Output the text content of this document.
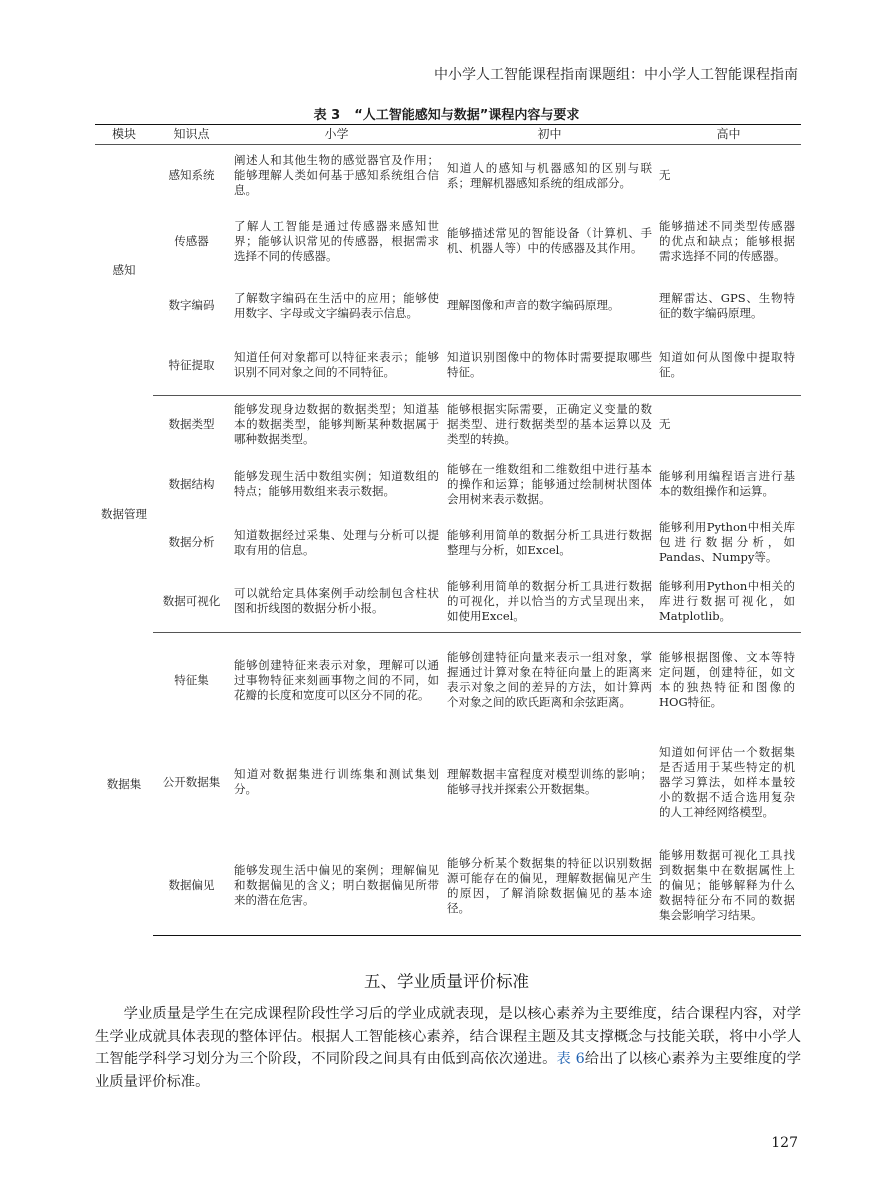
中小学人工智能课程指南课题组：中小学人工智能课程指南
表 3 “人工智能感知与数据”课程内容与要求
模块	知识点	小学	初中	高中
感知	感知系统	阐述人和其他生物的感觉器官及作用；能够理解人类如何基于感知系统组合信息。	知道人的感知与机器感知的区别与联系；理解机器感知系统的组成部分。	无
	传感器	了解人工智能是通过传感器来感知世界；能够认识常见的传感器，根据需求选择不同的传感器。	能够描述常见的智能设备（计算机、手机、机器人等）中的传感器及其作用。	能够描述不同类型传感器的优点和缺点；能够根据需求选择不同的传感器。
	数字编码	了解数字编码在生活中的应用；能够使用数字、字母或文字编码表示信息。	理解图像和声音的数字编码原理。	理解雷达、GPS、生物特征的数字编码原理。
	特征提取	知道任何对象都可以特征来表示；能够识别不同对象之间的不同特征。	知道识别图像中的物体时需要提取哪些特征。	知道如何从图像中提取特征。
数据管理	数据类型	能够发现身边数据的数据类型；知道基本的数据类型，能够判断某种数据属于哪种数据类型。	能够根据实际需要，正确定义变量的数据类型、进行数据类型的基本运算以及类型的转换。	无
	数据结构	能够发现生活中数组实例；知道数组的特点；能够用数组来表示数据。	能够在一维数组和二维数组中进行基本的操作和运算；能够通过绘制树状图体会用树来表示数据。	能够利用编程语言进行基本的数组操作和运算。
	数据分析	知道数据经过采集、处理与分析可以提取有用的信息。	能够利用简单的数据分析工具进行数据整理与分析，如Excel。	能够利用Python中相关库包进行数据分析，如Pandas、Numpy等。
	数据可视化	可以就给定具体案例手动绘制包含柱状图和折线图的数据分析小报。	能够利用简单的数据分析工具进行数据的可视化，并以恰当的方式呈现出来，如使用Excel。	能够利用Python中相关的库进行数据可视化，如Matplotlib。
数据集	特征集	能够创建特征来表示对象，理解可以通过事物特征来刻画事物之间的不同，如花瓣的长度和宽度可以区分不同的花。	能够创建特征向量来表示一组对象，掌握通过计算对象在特征向量上的距离来表示对象之间的差异的方法，如计算两个对象之间的欧氏距离和余弦距离。	能够根据图像、文本等特定问题，创建特征，如文本的独热特征和图像的HOG特征。
	公开数据集	知道对数据集进行训练集和测试集划分。	理解数据丰富程度对模型训练的影响；能够寻找并探索公开数据集。	知道如何评估一个数据集是否适用于某些特定的机器学习算法，如样本量较小的数据不适合选用复杂的人工神经网络模型。
	数据偏见	能够发现生活中偏见的案例；理解偏见和数据偏见的含义；明白数据偏见所带来的潜在危害。	能够分析某个数据集的特征以识别数据源可能存在的偏见，理解数据偏见产生的原因，了解消除数据偏见的基本途径。	能够用数据可视化工具找到数据集中在数据属性上的偏见；能够解释为什么数据特征分布不同的数据集会影响学习结果。
五、学业质量评价标准

学业质量是学生在完成课程阶段性学习后的学业成就表现，是以核心素养为主要维度，结合课程内容，对学生学业成就具体表现的整体评估。根据人工智能核心素养，结合课程主题及其支撑概念与技能关联，将中小学人工智能学科学习划分为三个阶段，不同阶段之间具有由低到高依次递进。表 6给出了以核心素养为主要维度的学业质量评价标准。

127
